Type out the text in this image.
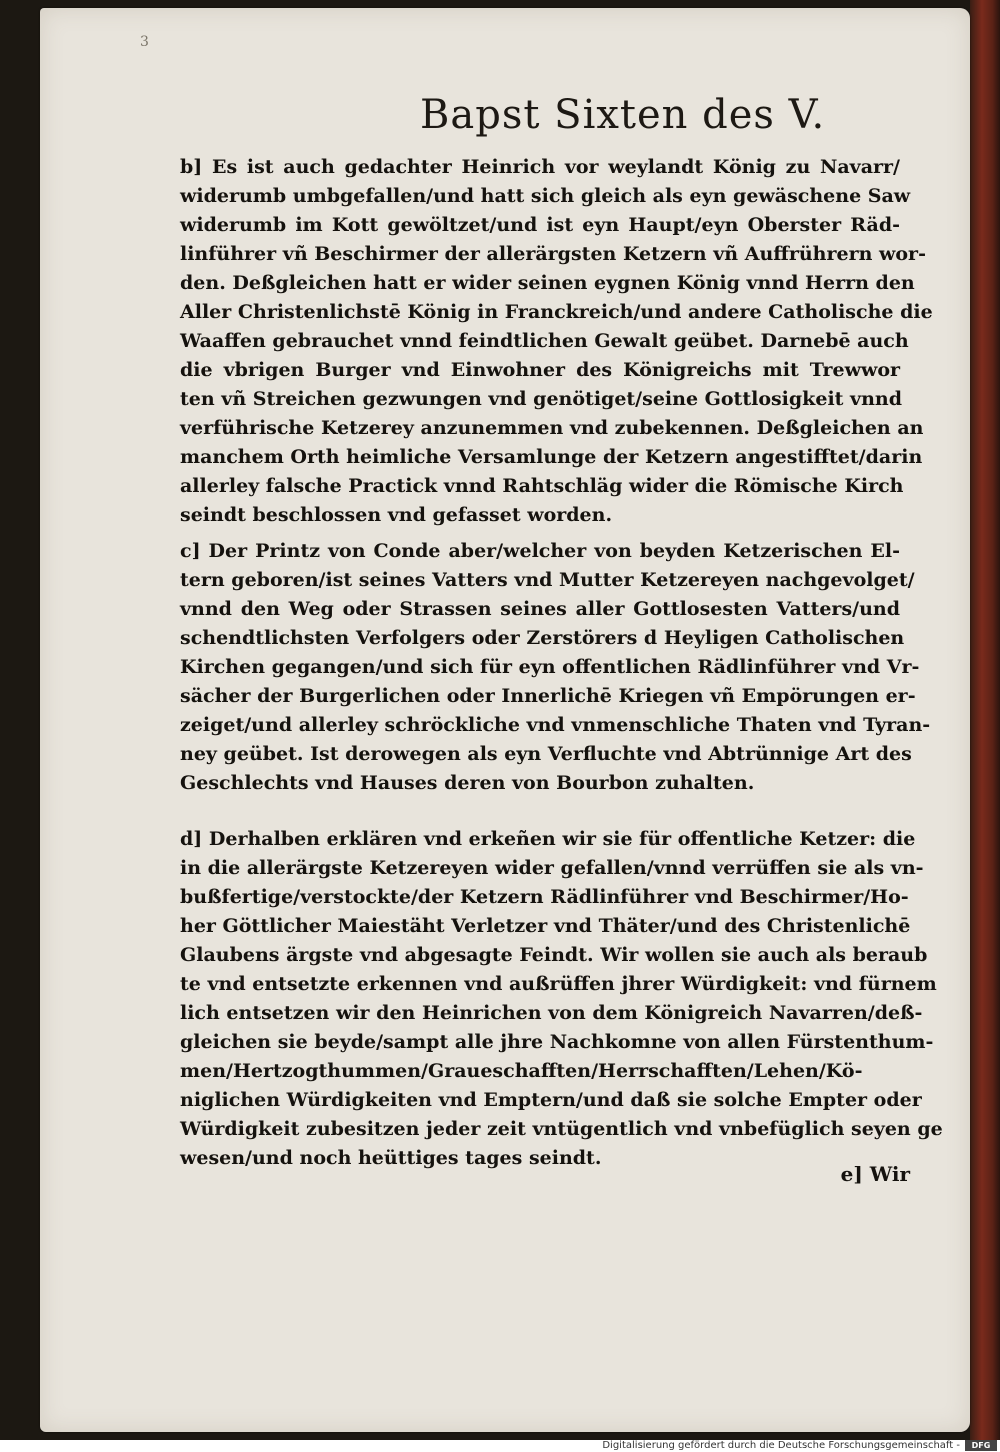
3
Bapst Sixten des V.
b] Es ist auch gedachter Heinrich vor weylandt König zu Navarr/
widerumb umbgefallen/und hatt sich gleich als eyn gewäschene Saw
widerumb im Kott gewöltzet/und ist eyn Haupt/eyn Oberster Räd-
linführer vñ Beschirmer der allerärgsten Ketzern vñ Auffrührern wor-
den. Deßgleichen hatt er wider seinen eygnen König vnnd Herrn den
Aller Christenlichstē König in Franckreich/und andere Catholische die
Waaffen gebrauchet vnnd feindtlichen Gewalt geübet. Darnebē auch
die vbrigen Burger vnd Einwohner des Königreichs mit Trewwor
ten vñ Streichen gezwungen vnd genötiget/seine Gottlosigkeit vnnd
verführische Ketzerey anzunemmen vnd zubekennen. Deßgleichen an
manchem Orth heimliche Versamlunge der Ketzern angestifftet/darin
allerley falsche Practick vnnd Rahtschläg wider die Römische Kirch
seindt beschlossen vnd gefasset worden.
c] Der Printz von Conde aber/welcher von beyden Ketzerischen El-
tern geboren/ist seines Vatters vnd Mutter Ketzereyen nachgevolget/
vnnd den Weg oder Strassen seines aller Gottlosesten Vatters/und
schendtlichsten Verfolgers oder Zerstörers d Heyligen Catholischen
Kirchen gegangen/und sich für eyn offentlichen Rädlinführer vnd Vr-
sächer der Burgerlichen oder Innerlichē Kriegen vñ Empörungen er-
zeiget/und allerley schröckliche vnd vnmenschliche Thaten vnd Tyran-
ney geübet. Ist derowegen als eyn Verfluchte vnd Abtrünnige Art des
Geschlechts vnd Hauses deren von Bourbon zuhalten.
d] Derhalben erklären vnd erkeñen wir sie für offentliche Ketzer: die
in die allerärgste Ketzereyen wider gefallen/vnnd verrüffen sie als vn-
bußfertige/verstockte/der Ketzern Rädlinführer vnd Beschirmer/Ho-
her Göttlicher Maiestäht Verletzer vnd Thäter/und des Christenlichē
Glaubens ärgste vnd abgesagte Feindt. Wir wollen sie auch als beraub
te vnd entsetzte erkennen vnd außrüffen jhrer Würdigkeit: vnd fürnem
lich entsetzen wir den Heinrichen von dem Königreich Navarren/deß-
gleichen sie beyde/sampt alle jhre Nachkomne von allen Fürstenthum-
men/Hertzogthummen/Graueschafften/Herrschafften/Lehen/Kö-
niglichen Würdigkeiten vnd Emptern/und daß sie solche Empter oder
Würdigkeit zubesitzen jeder zeit vntügentlich vnd vnbefüglich seyen ge
wesen/und noch heüttiges tages seindt.
e] Wir
Digitalisierung gefördert durch die Deutsche Forschungsgemeinschaft -	DFG
